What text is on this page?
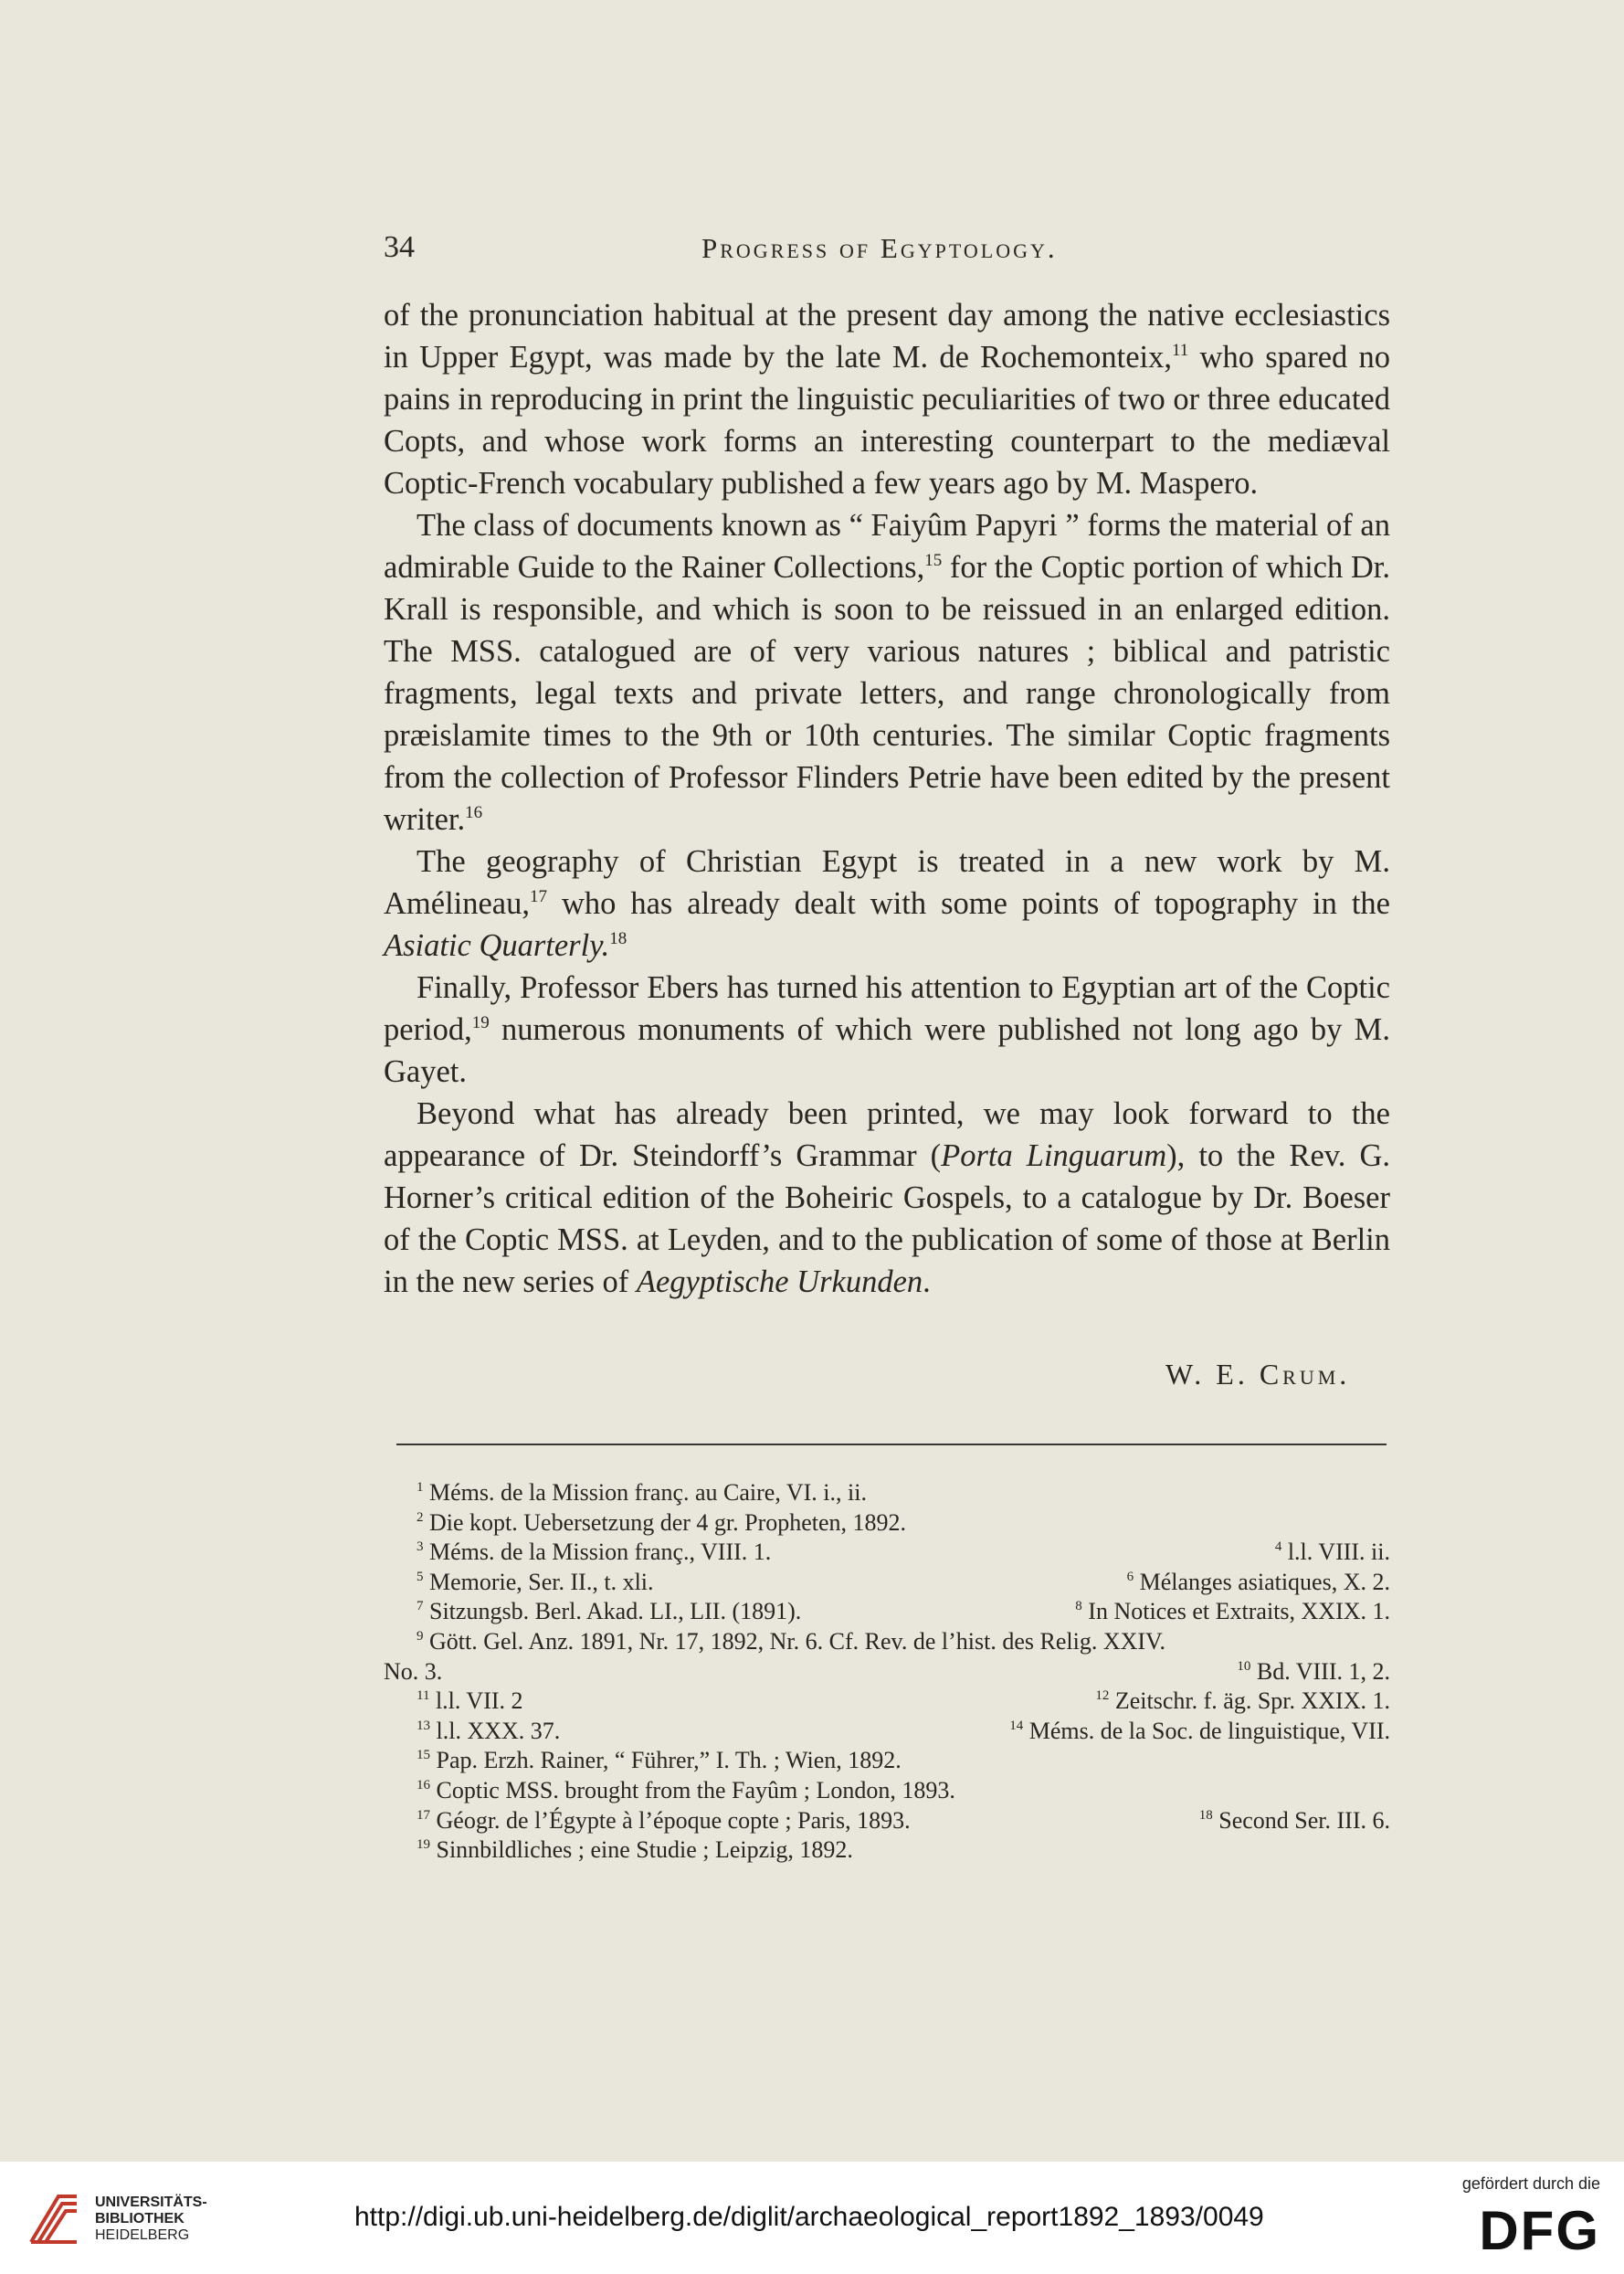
34	Progress of Egyptology.

of the pronunciation habitual at the present day among the native ecclesiastics in Upper Egypt, was made by the late M. de Rochemonteix,$^{11}$ who spared no pains in reproducing in print the linguistic peculiarities of two or three educated Copts, and whose work forms an interesting counterpart to the mediæval Coptic-French vocabulary published a few years ago by M. Maspero.

The class of documents known as “ Faiyûm Papyri ” forms the material of an admirable Guide to the Rainer Collections,$^{15}$ for the Coptic portion of which Dr. Krall is responsible, and which is soon to be reissued in an enlarged edition. The MSS. catalogued are of very various natures ; biblical and patristic fragments, legal texts and private letters, and range chronologically from præislamite times to the 9th or 10th centuries. The similar Coptic fragments from the collection of Professor Flinders Petrie have been edited by the present writer.$^{16}$

The geography of Christian Egypt is treated in a new work by M. Amélineau,$^{17}$ who has already dealt with some points of topography in the Asiatic Quarterly.$^{18}$

Finally, Professor Ebers has turned his attention to Egyptian art of the Coptic period,$^{19}$ numerous monuments of which were published not long ago by M. Gayet.

Beyond what has already been printed, we may look forward to the appearance of Dr. Steindorff’s Grammar (Porta Linguarum), to the Rev. G. Horner’s critical edition of the Boheiric Gospels, to a catalogue by Dr. Boeser of the Coptic MSS. at Leyden, and to the publication of some of those at Berlin in the new series of Aegyptische Urkunden.

W. E. Crum.
$^1$ Méms. de la Mission franç. au Caire, VI. i., ii.
$^2$ Die kopt. Uebersetzung der 4 gr. Propheten, 1892.
$^3$ Méms. de la Mission franç., VIII. 1.	$^4$ l.l. VIII. ii.
$^5$ Memorie, Ser. II., t. xli.	$^6$ Mélanges asiatiques, X. 2.
$^7$ Sitzungsb. Berl. Akad. LI., LII. (1891).	$^8$ In Notices et Extraits, XXIX. 1.
$^9$ Gött. Gel. Anz. 1891, Nr. 17, 1892, Nr. 6. Cf. Rev. de l’hist. des Relig. XXIV.
No. 3.	$^{10}$ Bd. VIII. 1, 2.
$^{11}$ l.l. VII. 2	$^{12}$ Zeitschr. f. äg. Spr. XXIX. 1.
$^{13}$ l.l. XXX. 37.	$^{14}$ Méms. de la Soc. de linguistique, VII.
$^{15}$ Pap. Erzh. Rainer, “ Führer,” I. Th. ; Wien, 1892.
$^{16}$ Coptic MSS. brought from the Fayûm ; London, 1893.
$^{17}$ Géogr. de l’Égypte à l’époque copte ; Paris, 1893.	$^{18}$ Second Ser. III. 6.
$^{19}$ Sinnbildliches ; eine Studie ; Leipzig, 1892.
UNIVERSITÄTS-
BIBLIOTHEK
HEIDELBERG
http://digi.ub.uni-heidelberg.de/diglit/archaeological_report1892_1893/0049
gefördert durch die
DFG
